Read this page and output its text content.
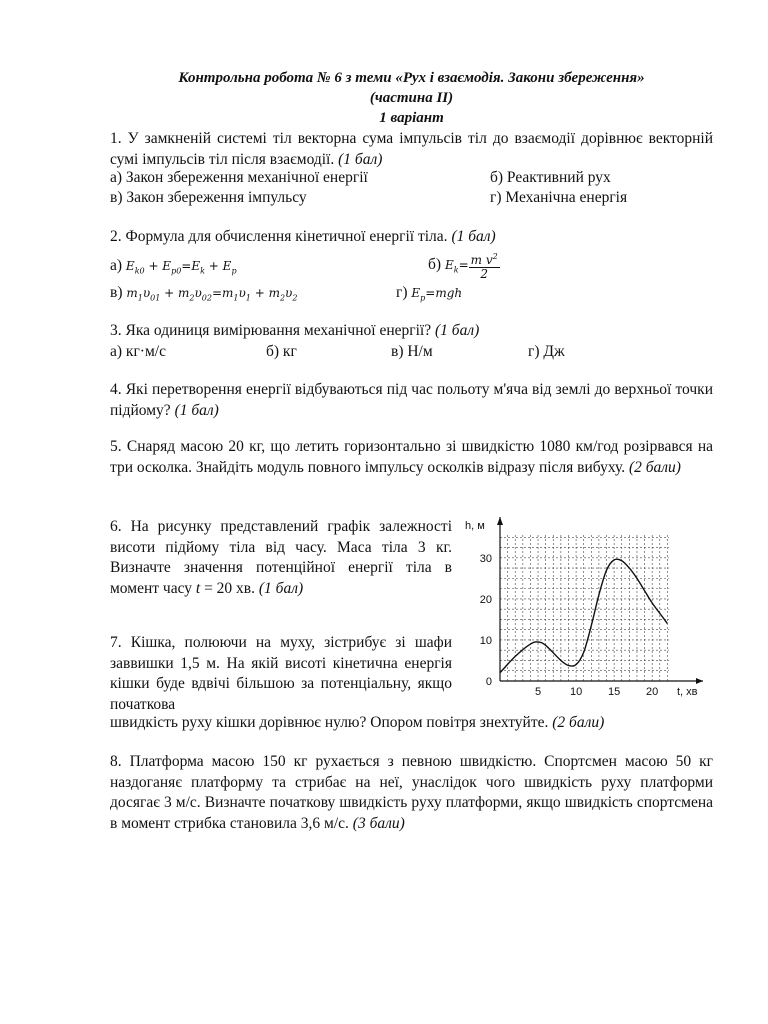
Контрольна робота № 6 з теми «Рух і взаємодія. Закони збереження»
(частина ІІ)
1 варіант
1. У замкненій системі тіл векторна сума імпульсів тіл до взаємодії дорівнює векторній сумі імпульсів тіл після взаємодії. (1 бал)
а) Закон збереження механічної енергії	б) Реактивний рух
в) Закон збереження імпульсу	г) Механічна енергія
2. Формула для обчислення кінетичної енергії тіла. (1 бал)
а) $E_{k0} + E_{p0}=E_k + E_p$	б) $E_k= \frac{m v^2}{2}$
в) $m_1\upsilon_{01} + m_2\upsilon_{02}=m_1\upsilon_1 + m_2\upsilon_2$	г) $E_p=mgh$
3. Яка одиниця вимірювання механічної енергії? (1 бал)
а) кг·м/с	б) кг	в) Н/м	г) Дж
4. Які перетворення енергії відбуваються під час польоту м'яча від землі до верхньої точки підйому? (1 бал)
5. Снаряд масою 20 кг, що летить горизонтально зі швидкістю 1080 км/год розірвався на три осколка. Знайдіть модуль повного імпульсу осколків відразу після вибуху. (2 бали)
6. На рисунку представлений графік залежності висоти підйому тіла від часу. Маса тіла 3 кг. Визначте значення потенційної енергії тіла в момент часу t = 20 хв. (1 бал)
7. Кішка, полюючи на муху, зістрибує зі шафи заввишки 1,5 м. На якій висоті кінетична енергія кішки буде вдвічі більшою за потенціальну, якщо початкова
швидкість руху кішки дорівнює нулю? Опором повітря знехтуйте. (2 бали)
8. Платформа масою 150 кг рухається з певною швидкістю. Спортсмен масою 50 кг наздоганяє платформу та стрибає на неї, унаслідок чого швидкість руху платформи досягає 3 м/с. Визначте початкову швидкість руху платформи, якщо швидкість спортсмена в момент стрибка становила 3,6 м/с. (3 бали)
5	10 15 20
0
10
20
30
h, м
t, хв
